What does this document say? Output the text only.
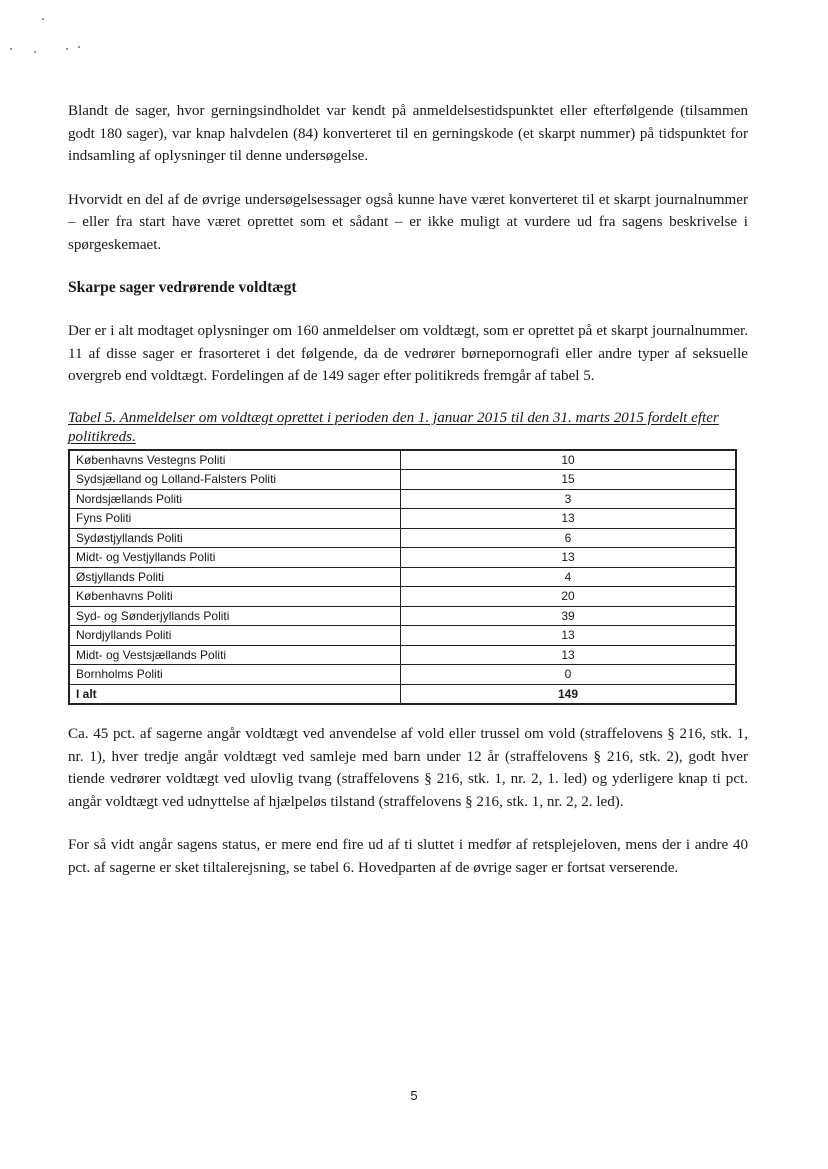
Blandt de sager, hvor gerningsindholdet var kendt på anmeldelsestidspunktet eller efterfølgende (tilsammen godt 180 sager), var knap halvdelen (84) konverteret til en gerningskode (et skarpt nummer) på tidspunktet for indsamling af oplysninger til denne undersøgelse.

Hvorvidt en del af de øvrige undersøgelsessager også kunne have været konverteret til et skarpt journalnummer – eller fra start have været oprettet som et sådant – er ikke muligt at vurdere ud fra sagens beskrivelse i spørgeskemaet.

Skarpe sager vedrørende voldtægt

Der er i alt modtaget oplysninger om 160 anmeldelser om voldtægt, som er oprettet på et skarpt journalnummer. 11 af disse sager er frasorteret i det følgende, da de vedrører børnepornografi eller andre typer af seksuelle overgreb end voldtægt. Fordelingen af de 149 sager efter politikreds fremgår af tabel 5.

Tabel 5. Anmeldelser om voldtægt oprettet i perioden den 1. januar 2015 til den 31. marts 2015 fordelt efter politikreds.

Københavns Vestegns Politi	10
Sydsjælland og Lolland-Falsters Politi	15
Nordsjællands Politi	3
Fyns Politi	13
Sydøstjyllands Politi	6
Midt- og Vestjyllands Politi	13
Østjyllands Politi	4
Københavns Politi	20
Syd- og Sønderjyllands Politi	39
Nordjyllands Politi	13
Midt- og Vestsjællands Politi	13
Bornholms Politi	0
I alt	149

Ca. 45 pct. af sagerne angår voldtægt ved anvendelse af vold eller trussel om vold (straffelovens § 216, stk. 1, nr. 1), hver tredje angår voldtægt ved samleje med barn under 12 år (straffelovens § 216, stk. 2), godt hver tiende vedrører voldtægt ved ulovlig tvang (straffelovens § 216, stk. 1, nr. 2, 1. led) og yderligere knap ti pct. angår voldtægt ved udnyttelse af hjælpeløs tilstand (straffelovens § 216, stk. 1, nr. 2, 2. led).

For så vidt angår sagens status, er mere end fire ud af ti sluttet i medfør af retsplejeloven, mens der i andre 40 pct. af sagerne er sket tiltalerejsning, se tabel 6. Hovedparten af de øvrige sager er fortsat verserende.

5
